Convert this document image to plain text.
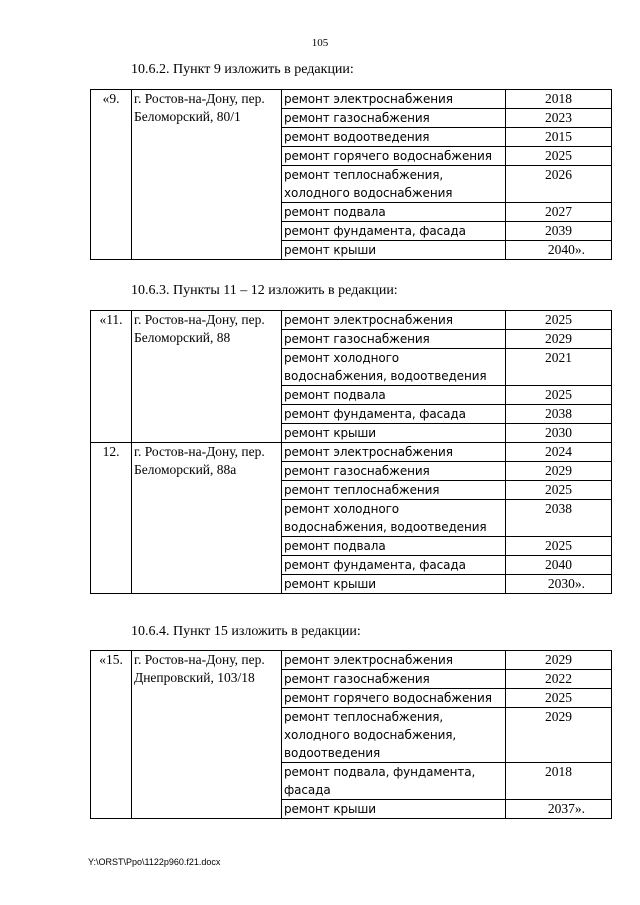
105
10.6.2. Пункт 9 изложить в редакции:
«9.	г. Ростов-на-Дону, пер. Беломорский, 80/1	ремонт электроснабжения	2018
		ремонт газоснабжения	2023
		ремонт водоотведения	2015
		ремонт горячего водоснабжения	2025
		ремонт теплоснабжения, холодного водоснабжения	2026
		ремонт подвала	2027
		ремонт фундамента, фасада	2039
		ремонт крыши	2040».
10.6.3. Пункты 11 – 12 изложить в редакции:
«11.	г. Ростов-на-Дону, пер. Беломорский, 88	ремонт электроснабжения	2025
		ремонт газоснабжения	2029
		ремонт холодного водоснабжения, водоотведения	2021
		ремонт подвала	2025
		ремонт фундамента, фасада	2038
		ремонт крыши	2030
12.	г. Ростов-на-Дону, пер. Беломорский, 88а	ремонт электроснабжения	2024
		ремонт газоснабжения	2029
		ремонт теплоснабжения	2025
		ремонт холодного водоснабжения, водоотведения	2038
		ремонт подвала	2025
		ремонт фундамента, фасада	2040
		ремонт крыши	2030».
10.6.4. Пункт 15 изложить в редакции:
«15.	г. Ростов-на-Дону, пер. Днепровский, 103/18	ремонт электроснабжения	2029
		ремонт газоснабжения	2022
		ремонт горячего водоснабжения	2025
		ремонт теплоснабжения, холодного водоснабжения, водоотведения	2029
		ремонт подвала, фундамента, фасада	2018
		ремонт крыши	2037».
Y:\ORST\Ppo\1122p960.f21.docx
